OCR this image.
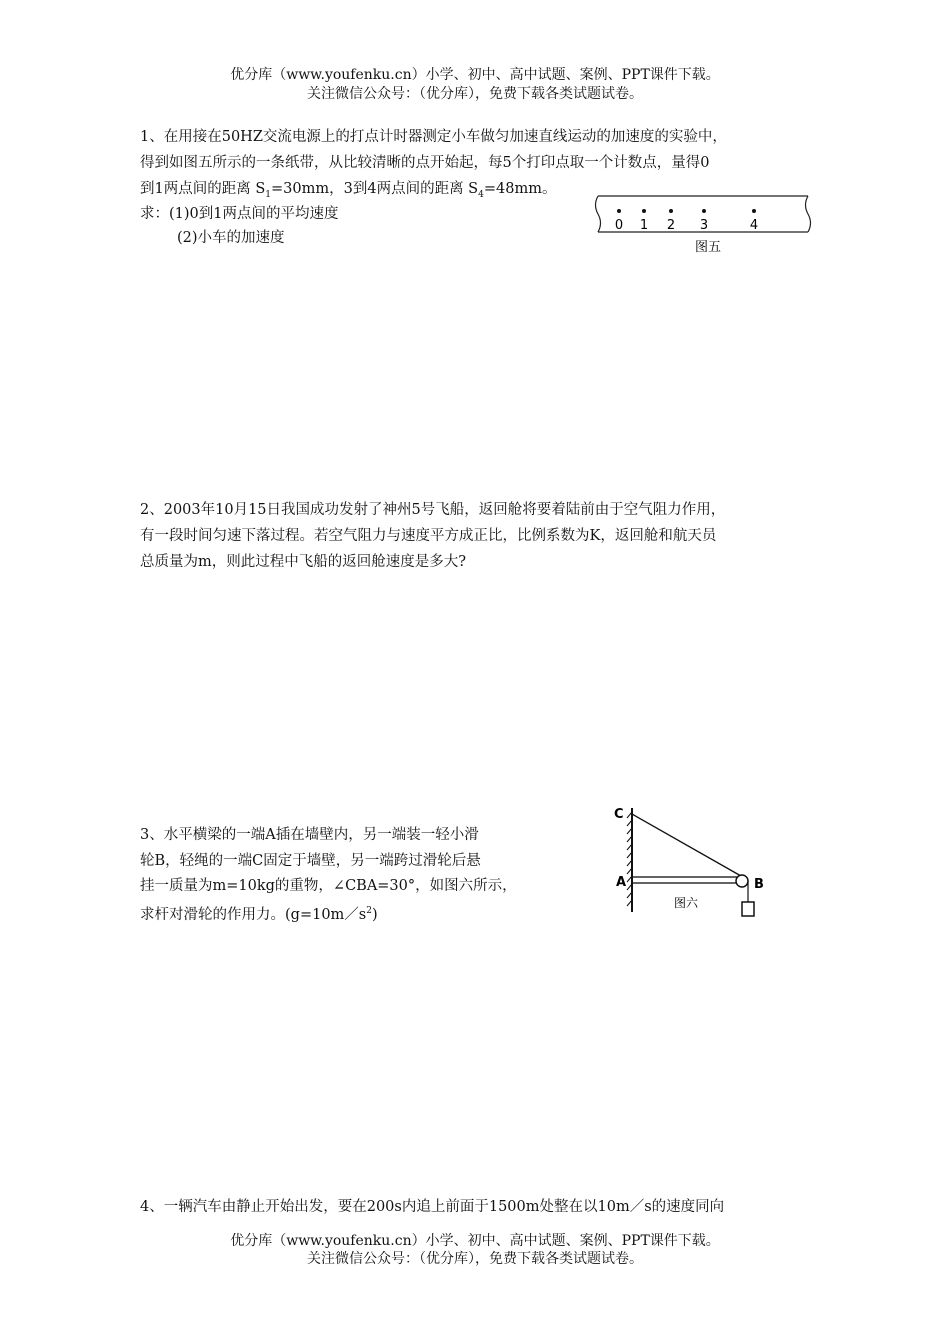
优分库（www.youfenku.cn）小学、初中、高中试题、案例、PPT课件下载。
关注微信公众号：（优分库），免费下载各类试题试卷。
1、在用接在50HZ交流电源上的打点计时器测定小车做匀加速直线运动的加速度的实验中，
得到如图五所示的一条纸带，从比较清晰的点开始起，每5个打印点取一个计数点，量得0
到1两点间的距离 $S_1=30mm$，3到4两点间的距离 $S_4=48mm$。
求：(1)0到1两点间的平均速度
(2)小车的加速度
0 1 2 3	4
图五
2、2003年10月15日我国成功发射了神州5号飞船，返回舱将要着陆前由于空气阻力作用，
有一段时间匀速下落过程。若空气阻力与速度平方成正比，比例系数为K，返回舱和航天员
总质量为m，则此过程中飞船的返回舱速度是多大?
3、水平横梁的一端A插在墙壁内，另一端装一轻小滑
轮B，轻绳的一端C固定于墙壁，另一端跨过滑轮后悬
挂一质量为m=10kg的重物，∠CBA=30°，如图六所示，
求杆对滑轮的作用力。$(g=10m/s^2)$
C
A	B
图六
4、一辆汽车由静止开始出发，要在200s内追上前面于1500m处整在以10m／s的速度同向
优分库（www.youfenku.cn）小学、初中、高中试题、案例、PPT课件下载。
关注微信公众号：（优分库），免费下载各类试题试卷。
